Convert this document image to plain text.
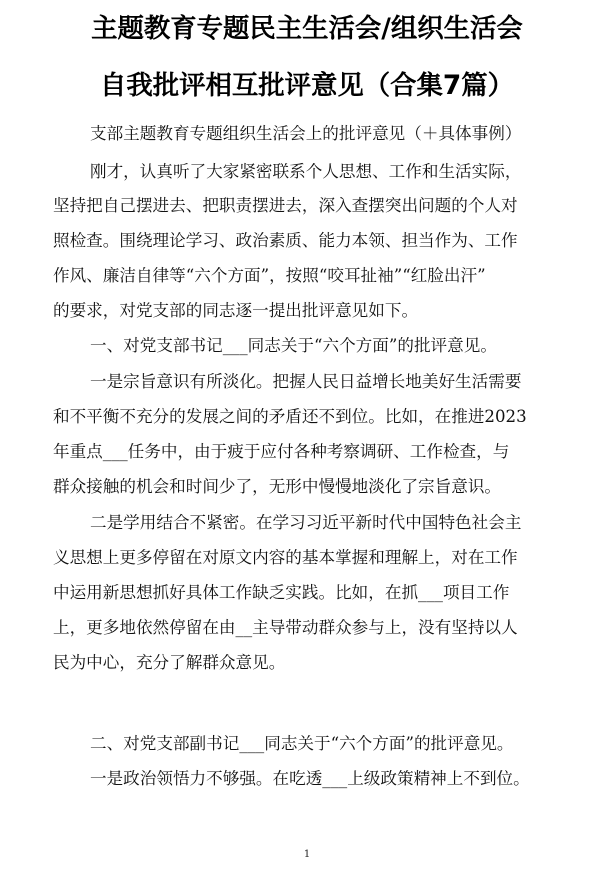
主题教育专题民主生活会/组织生活会
自我批评相互批评意见（合集7篇）
支部主题教育专题组织生活会上的批评意见（＋具体事例）
刚才，认真听了大家紧密联系个人思想、工作和生活实际，
坚持把自己摆进去、把职责摆进去，深入查摆突出问题的个人对
照检查。围绕理论学习、政治素质、能力本领、担当作为、工作
作风、廉洁自律等“六个方面”，按照“咬耳扯袖”“红脸出汗”
的要求，对党支部的同志逐一提出批评意见如下。
一、对党支部书记___同志关于“六个方面”的批评意见。
一是宗旨意识有所淡化。把握人民日益增长地美好生活需要
和不平衡不充分的发展之间的矛盾还不到位。比如，在推进2023
年重点___任务中，由于疲于应付各种考察调研、工作检查，与
群众接触的机会和时间少了，无形中慢慢地淡化了宗旨意识。
二是学用结合不紧密。在学习习近平新时代中国特色社会主
义思想上更多停留在对原文内容的基本掌握和理解上，对在工作
中运用新思想抓好具体工作缺乏实践。比如，在抓___项目工作
上，更多地依然停留在由__主导带动群众参与上，没有坚持以人
民为中心，充分了解群众意见。
二、对党支部副书记___同志关于“六个方面”的批评意见。
一是政治领悟力不够强。在吃透___上级政策精神上不到位。
1
